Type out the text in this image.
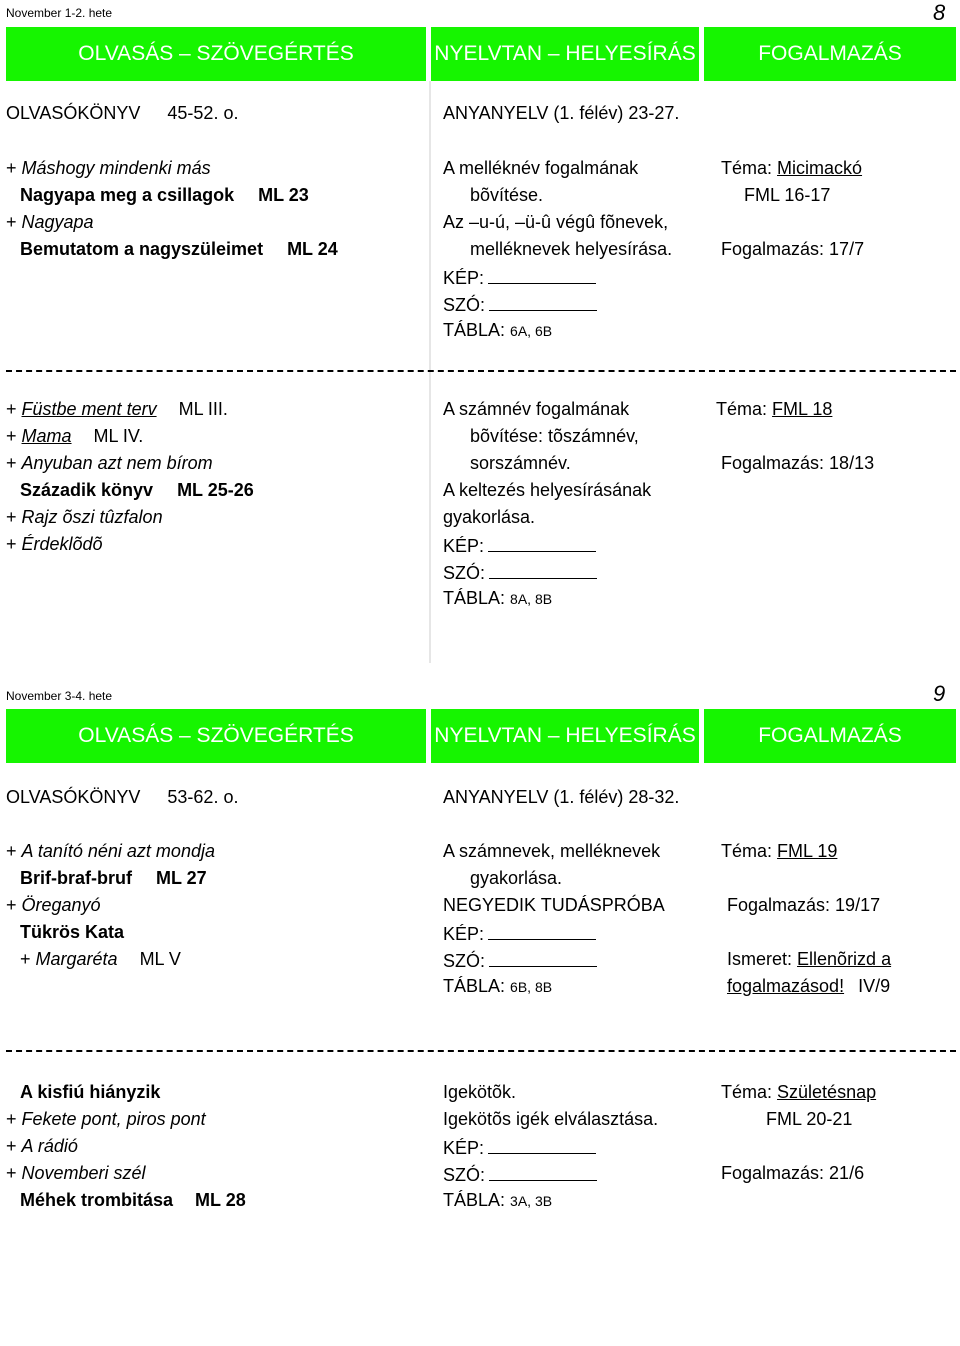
November 1-2. hete	8
OLVASÁS – SZÖVEGÉRTÉS	NYELVTAN – HELYESÍRÁS	FOGALMAZÁS
OLVASÓKÖNYV 45-52. o.	ANYANYELV (1. félév) 23-27.
+ Máshogy mindenki más
Nagyapa meg a csillagok ML 23
+ Nagyapa
Bemutatom a nagyszüleimet ML 24
A melléknév fogalmának
bõvítése.
Az –u-ú, –ü-û végû fõnevek,
melléknevek helyesírása.
KÉP:
SZÓ:
TÁBLA: 6A, 6B
Téma: Micimackó
FML 16-17
Fogalmazás: 17/7
+ Füstbe ment terv ML III.
+ Mama ML IV.
+ Anyuban azt nem bírom
Századik könyv ML 25-26
+ Rajz õszi tûzfalon
+ Érdeklõdõ
A számnév fogalmának
bõvítése: tõszámnév,
sorszámnév.
A keltezés helyesírásának
gyakorlása.
KÉP:
SZÓ:
TÁBLA: 8A, 8B
Téma: FML 18
Fogalmazás: 18/13
November 3-4. hete	9
OLVASÁS – SZÖVEGÉRTÉS	NYELVTAN – HELYESÍRÁS	FOGALMAZÁS
OLVASÓKÖNYV 53-62. o.	ANYANYELV (1. félév) 28-32.
+ A tanító néni azt mondja
Brif-braf-bruf ML 27
+ Öreganyó
Tükrös Kata
+ Margaréta ML V
A számnevek, melléknevek
gyakorlása.
NEGYEDIK TUDÁSPRÓBA
KÉP:
SZÓ:
TÁBLA: 6B, 8B
Téma: FML 19
Fogalmazás: 19/17
Ismeret: Ellenõrizd a
fogalmazásod! IV/9
A kisfiú hiányzik
+ Fekete pont, piros pont
+ A rádió
+ Novemberi szél
Méhek trombitása ML 28
Igekötõk.
Igekötõs igék elválasztása.
KÉP:
SZÓ:
TÁBLA: 3A, 3B
Téma: Születésnap
FML 20-21
Fogalmazás: 21/6
